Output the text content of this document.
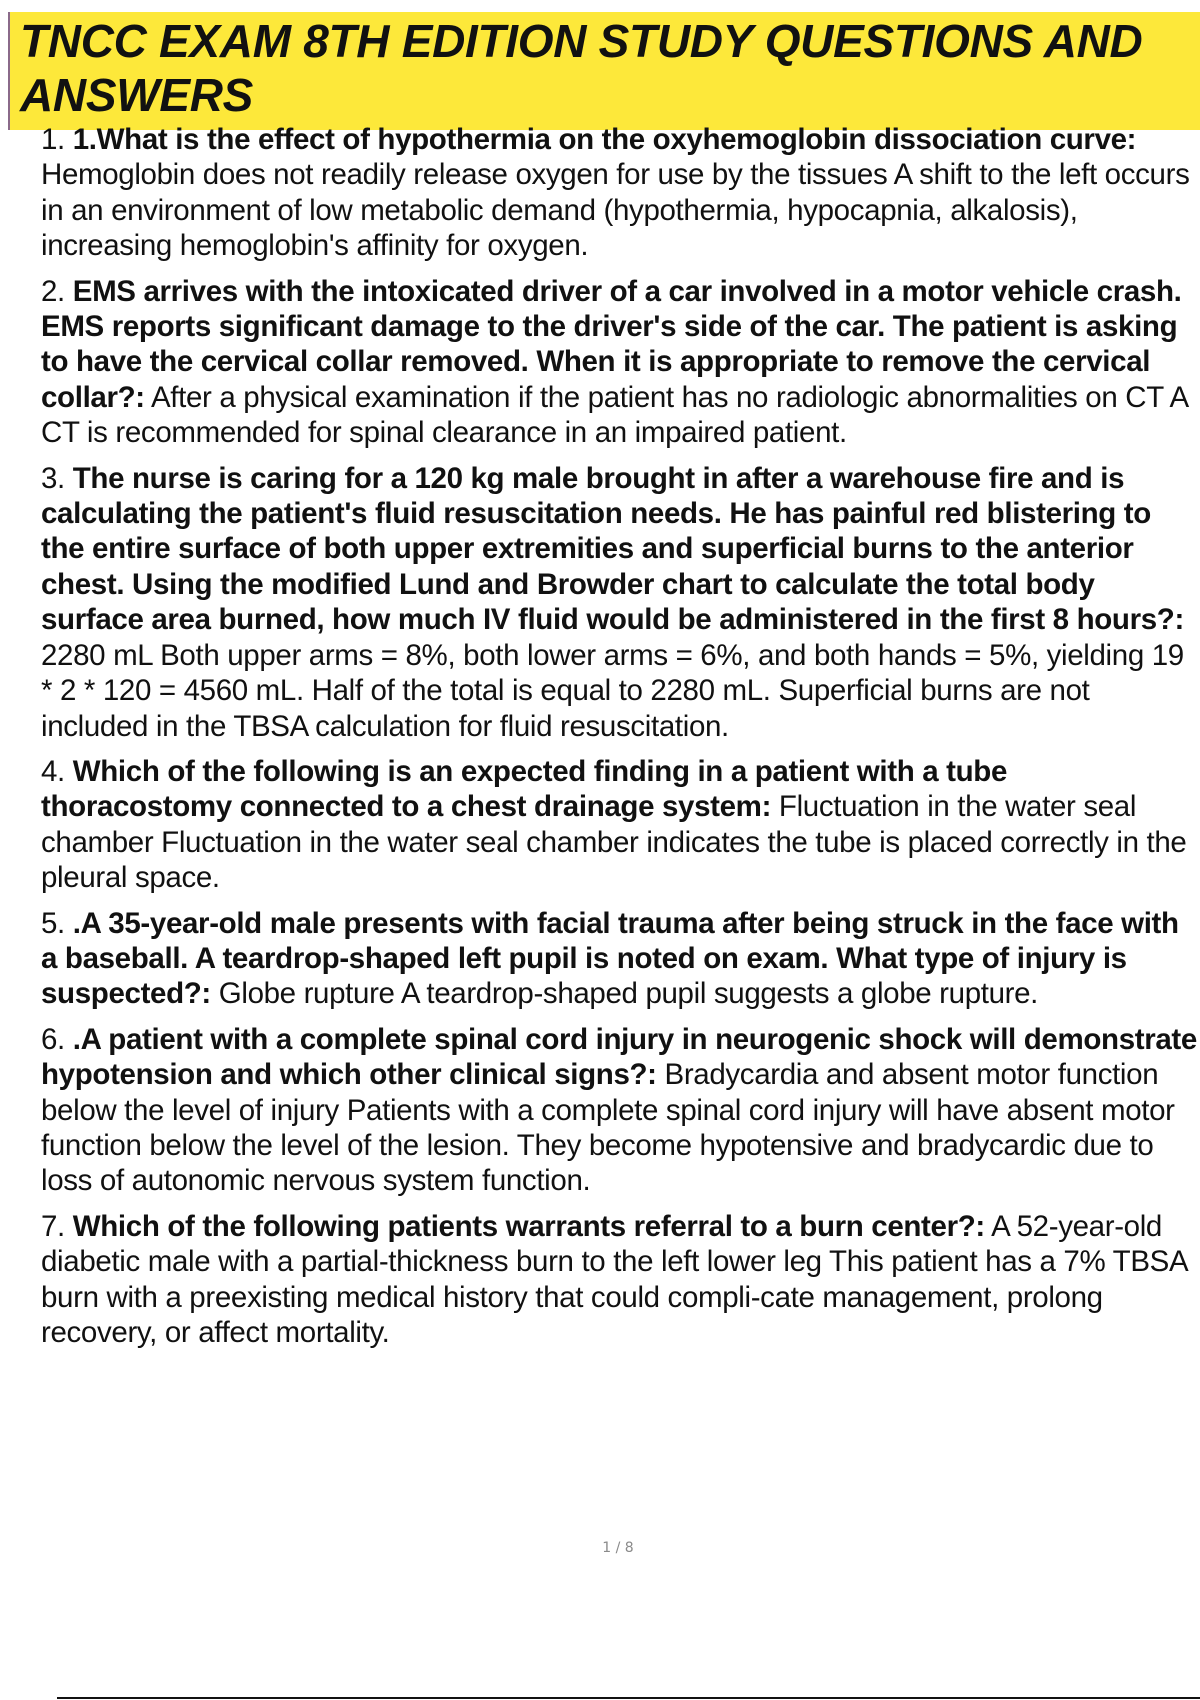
TNCC EXAM 8TH EDITION STUDY QUESTIONS AND
ANSWERS
1. 1.What is the effect of hypothermia on the oxyhemoglobin dissociation curve: Hemoglobin does not readily release oxygen for use by the tissues A shift to the left occurs in an environment of low metabolic demand (hypothermia, hypocapnia, alkalosis), increasing hemoglobin's affinity for oxygen.
2. EMS arrives with the intoxicated driver of a car involved in a motor vehicle crash. EMS reports significant damage to the driver's side of the car. The patient is asking to have the cervical collar removed. When it is appropriate to remove the cervical collar?: After a physical examination if the patient has no radiologic abnormalities on CT A CT is recommended for spinal clearance in an impaired patient.
3. The nurse is caring for a 120 kg male brought in after a warehouse fire and is calculating the patient's fluid resuscitation needs. He has painful red blistering to the entire surface of both upper extremities and superficial burns to the anterior chest. Using the modified Lund and Browder chart to calculate the total body surface area burned, how much IV fluid would be administered in the first 8 hours?: 2280 mL Both upper arms = 8%, both lower arms = 6%, and both hands = 5%, yielding 19 * 2 * 120 = 4560 mL. Half of the total is equal to 2280 mL. Superficial burns are not included in the TBSA calculation for fluid resuscitation.
4. Which of the following is an expected finding in a patient with a tube thoracostomy connected to a chest drainage system: Fluctuation in the water seal chamber Fluctuation in the water seal chamber indicates the tube is placed correctly in the pleural space.
5. .A 35-year-old male presents with facial trauma after being struck in the face with a baseball. A teardrop-shaped left pupil is noted on exam. What type of injury is suspected?: Globe rupture A teardrop-shaped pupil suggests a globe rupture.
6. .A patient with a complete spinal cord injury in neurogenic shock will demonstrate hypotension and which other clinical signs?: Bradycardia and absent motor function below the level of injury Patients with a complete spinal cord injury will have absent motor function below the level of the lesion. They become hypotensive and bradycardic due to loss of autonomic nervous system function.
7. Which of the following patients warrants referral to a burn center?: A 52-year-old diabetic male with a partial-thickness burn to the left lower leg This patient has a 7% TBSA burn with a preexisting medical history that could compli-cate management, prolong recovery, or affect mortality.
1 / 8
